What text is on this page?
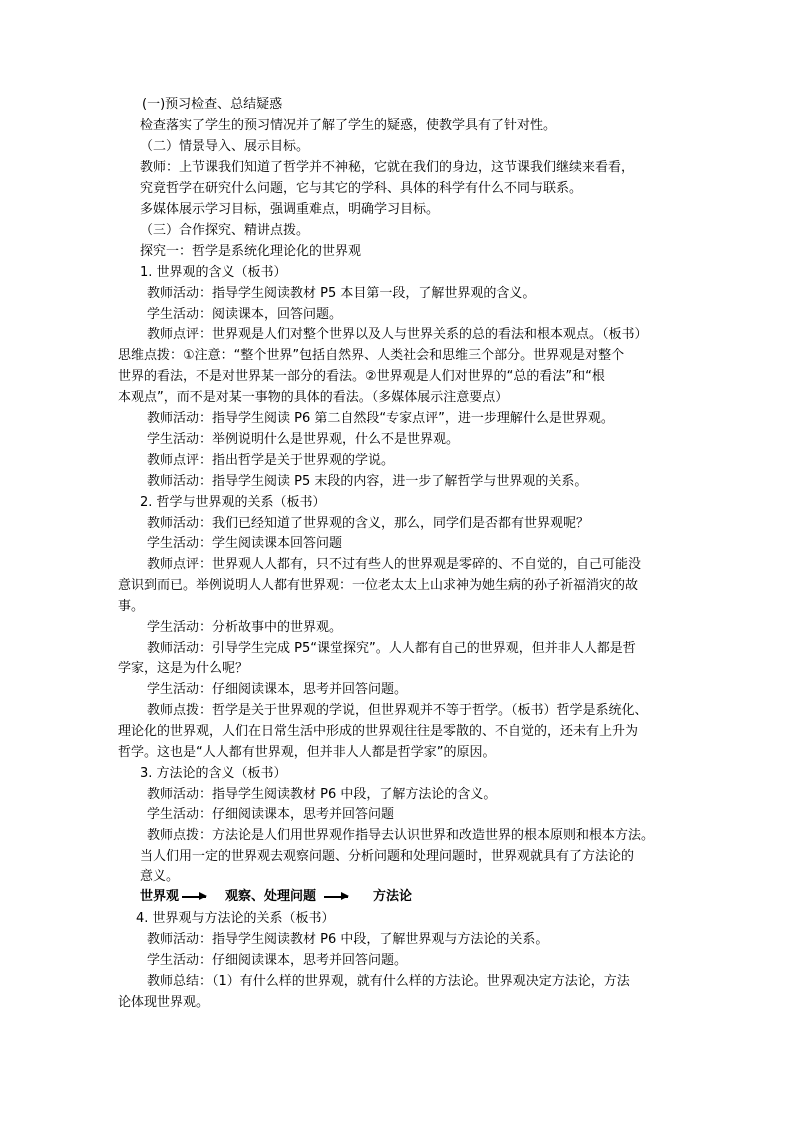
(一)预习检查、总结疑惑
检查落实了学生的预习情况并了解了学生的疑惑，使教学具有了针对性。
（二）情景导入、展示目标。
教师：上节课我们知道了哲学并不神秘，它就在我们的身边，这节课我们继续来看看，
究竟哲学在研究什么问题，它与其它的学科、具体的科学有什么不同与联系。
多媒体展示学习目标，强调重难点，明确学习目标。
（三）合作探究、精讲点拨。
探究一：哲学是系统化理论化的世界观
1. 世界观的含义（板书）
教师活动：指导学生阅读教材 P5 本目第一段，了解世界观的含义。
学生活动：阅读课本，回答问题。
教师点评：世界观是人们对整个世界以及人与世界关系的总的看法和根本观点。（板书）
思维点拨：①注意：“整个世界”包括自然界、人类社会和思维三个部分。世界观是对整个
世界的看法，不是对世界某一部分的看法。②世界观是人们对世界的“总的看法”和“根
本观点”，而不是对某一事物的具体的看法。（多媒体展示注意要点）
教师活动：指导学生阅读 P6 第二自然段“专家点评”，进一步理解什么是世界观。
学生活动：举例说明什么是世界观，什么不是世界观。
教师点评：指出哲学是关于世界观的学说。
教师活动：指导学生阅读 P5 末段的内容，进一步了解哲学与世界观的关系。
2. 哲学与世界观的关系（板书）
教师活动：我们已经知道了世界观的含义，那么，同学们是否都有世界观呢？
学生活动：学生阅读课本回答问题
教师点评：世界观人人都有，只不过有些人的世界观是零碎的、不自觉的，自己可能没
意识到而已。举例说明人人都有世界观：一位老太太上山求神为她生病的孙子祈福消灾的故
事。
学生活动：分析故事中的世界观。
教师活动：引导学生完成 P5“课堂探究”。人人都有自己的世界观，但并非人人都是哲
学家，这是为什么呢？
学生活动：仔细阅读课本，思考并回答问题。
教师点拨：哲学是关于世界观的学说，但世界观并不等于哲学。（板书）哲学是系统化、
理论化的世界观，人们在日常生活中形成的世界观往往是零散的、不自觉的，还未有上升为
哲学。这也是“人人都有世界观，但并非人人都是哲学家”的原因。
3. 方法论的含义（板书）
教师活动：指导学生阅读教材 P6 中段，了解方法论的含义。
学生活动：仔细阅读课本，思考并回答问题
教师点拨：方法论是人们用世界观作指导去认识世界和改造世界的根本原则和根本方法。
当人们用一定的世界观去观察问题、分析问题和处理问题时，世界观就具有了方法论的
意义。
世界观	观察、处理问题	方法论
4. 世界观与方法论的关系（板书）
教师活动：指导学生阅读教材 P6 中段，了解世界观与方法论的关系。
学生活动：仔细阅读课本，思考并回答问题。
教师总结：（1）有什么样的世界观，就有什么样的方法论。世界观决定方法论，方法
论体现世界观。
